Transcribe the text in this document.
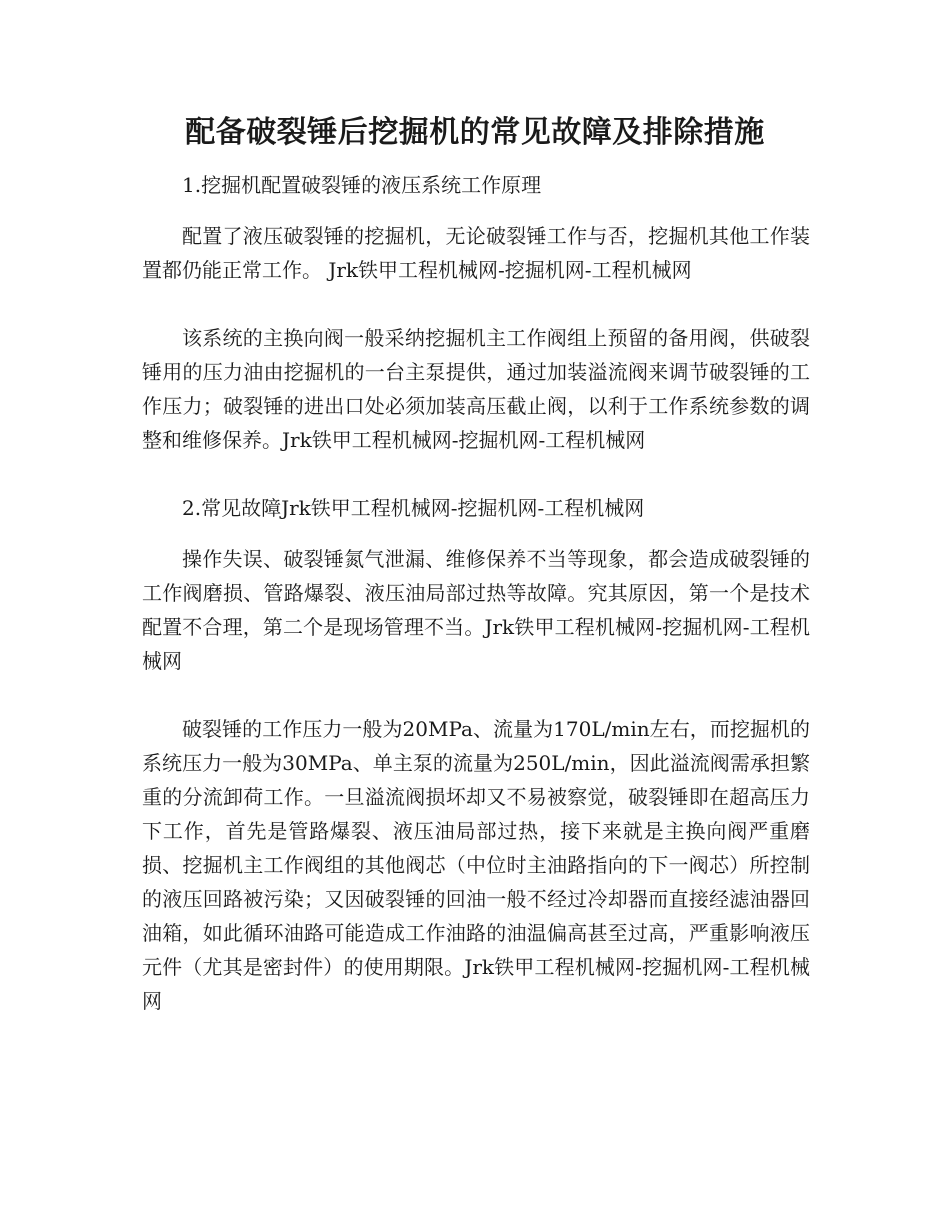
配备破裂锤后挖掘机的常见故障及排除措施

1.挖掘机配置破裂锤的液压系统工作原理

配置了液压破裂锤的挖掘机，无论破裂锤工作与否，挖掘机其他工作装置都仍能正常工作。 Jrk铁甲工程机械网-挖掘机网-工程机械网

该系统的主换向阀一般采纳挖掘机主工作阀组上预留的备用阀，供破裂锤用的压力油由挖掘机的一台主泵提供，通过加装溢流阀来调节破裂锤的工作压力；破裂锤的进出口处必须加装高压截止阀，以利于工作系统参数的调整和维修保养。Jrk铁甲工程机械网-挖掘机网-工程机械网

2.常见故障Jrk铁甲工程机械网-挖掘机网-工程机械网

操作失误、破裂锤氮气泄漏、维修保养不当等现象，都会造成破裂锤的工作阀磨损、管路爆裂、液压油局部过热等故障。究其原因，第一个是技术配置不合理，第二个是现场管理不当。Jrk铁甲工程机械网-挖掘机网-工程机械网

破裂锤的工作压力一般为20MPa、流量为170L/min左右，而挖掘机的系统压力一般为30MPa、单主泵的流量为250L/min，因此溢流阀需承担繁重的分流卸荷工作。一旦溢流阀损坏却又不易被察觉，破裂锤即在超高压力下工作，首先是管路爆裂、液压油局部过热，接下来就是主换向阀严重磨损、挖掘机主工作阀组的其他阀芯（中位时主油路指向的下一阀芯）所控制的液压回路被污染；又因破裂锤的回油一般不经过冷却器而直接经滤油器回油箱，如此循环油路可能造成工作油路的油温偏高甚至过高，严重影响液压元件（尤其是密封件）的使用期限。Jrk铁甲工程机械网-挖掘机网-工程机械网
